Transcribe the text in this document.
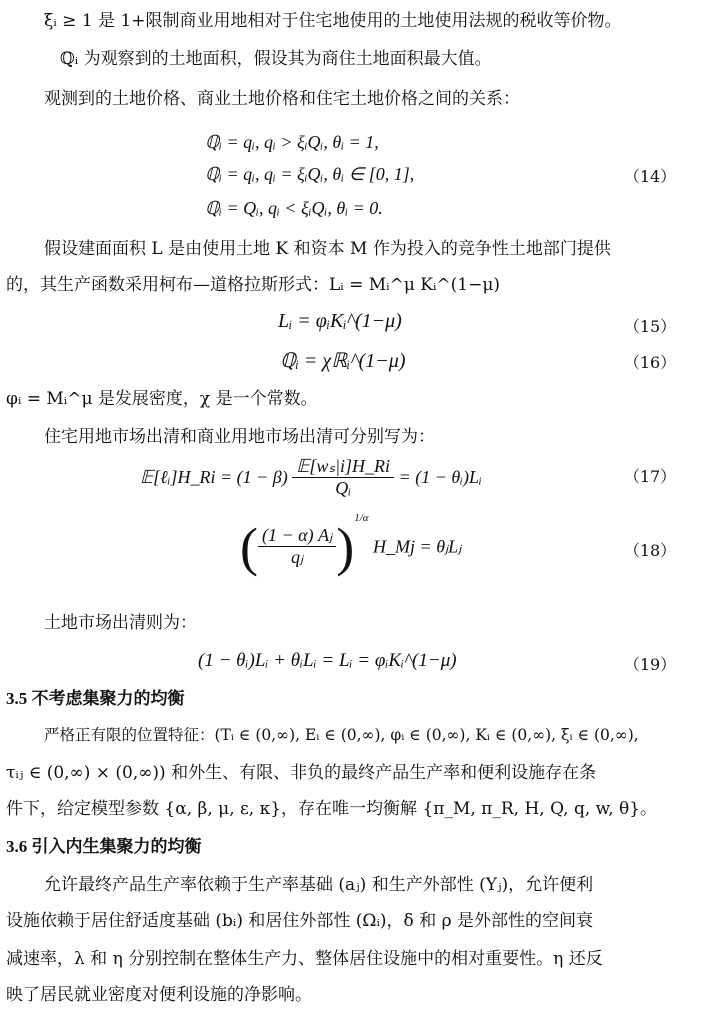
ξᵢ ≥ 1 是 1+限制商业用地相对于住宅地使用的土地使用法规的税收等价物。
ℚᵢ 为观察到的土地面积，假设其为商住土地面积最大值。
观测到的土地价格、商业土地价格和住宅土地价格之间的关系：
ℚᵢ = qᵢ, qᵢ > ξᵢQᵢ, θᵢ = 1,
ℚᵢ = qᵢ, qᵢ = ξᵢQᵢ, θᵢ ∈ [0, 1],
ℚᵢ = Qᵢ, qᵢ < ξᵢQᵢ, θᵢ = 0.
（14）
假设建面面积 L 是由使用土地 K 和资本 M 作为投入的竞争性土地部门提供
的，其生产函数采用柯布—道格拉斯形式：Lᵢ = Mᵢ^μ Kᵢ^(1−μ)
Lᵢ = φᵢKᵢ^(1−μ)	（15）
ℚᵢ = χℝᵢ^(1−μ)	（16）
φᵢ = Mᵢ^μ 是发展密度，χ 是一个常数。
住宅用地市场出清和商业用地市场出清可分别写为：
𝔼[ℓᵢ]H_Ri = $(1 - \beta) \frac{\text{𝔼[wₛ|i]H\_Ri}}{\text{Qᵢ}} = (1$ − θᵢ)Lᵢ	（17）
( $\frac{\text{(1 − α) Aⱼ}}{\text{qⱼ}} )^{1/\alpha}$ H_Mj = θⱼLⱼ	（18）
土地市场出清则为：
(1 − θᵢ)Lᵢ + θᵢLᵢ = Lᵢ = φᵢKᵢ^(1−μ)	（19）
3.5 不考虑集聚力的均衡
严格正有限的位置特征：(Tᵢ ∈ (0,∞), Eᵢ ∈ (0,∞), φᵢ ∈ (0,∞), Kᵢ ∈ (0,∞), ξᵢ ∈ (0,∞),
τᵢⱼ ∈ (0,∞) × (0,∞)) 和外生、有限、非负的最终产品生产率和便利设施存在条
件下，给定模型参数 {α, β, μ, ε, κ}，存在唯一均衡解 {π_M, π_R, H, Q, q, w, θ}。
3.6 引入内生集聚力的均衡
允许最终产品生产率依赖于生产率基础 (aⱼ) 和生产外部性 (Yⱼ)，允许便利
设施依赖于居住舒适度基础 (bᵢ) 和居住外部性 (Ωᵢ)，δ 和 ρ 是外部性的空间衰
减速率，λ 和 η 分别控制在整体生产力、整体居住设施中的相对重要性。η 还反
映了居民就业密度对便利设施的净影响。
